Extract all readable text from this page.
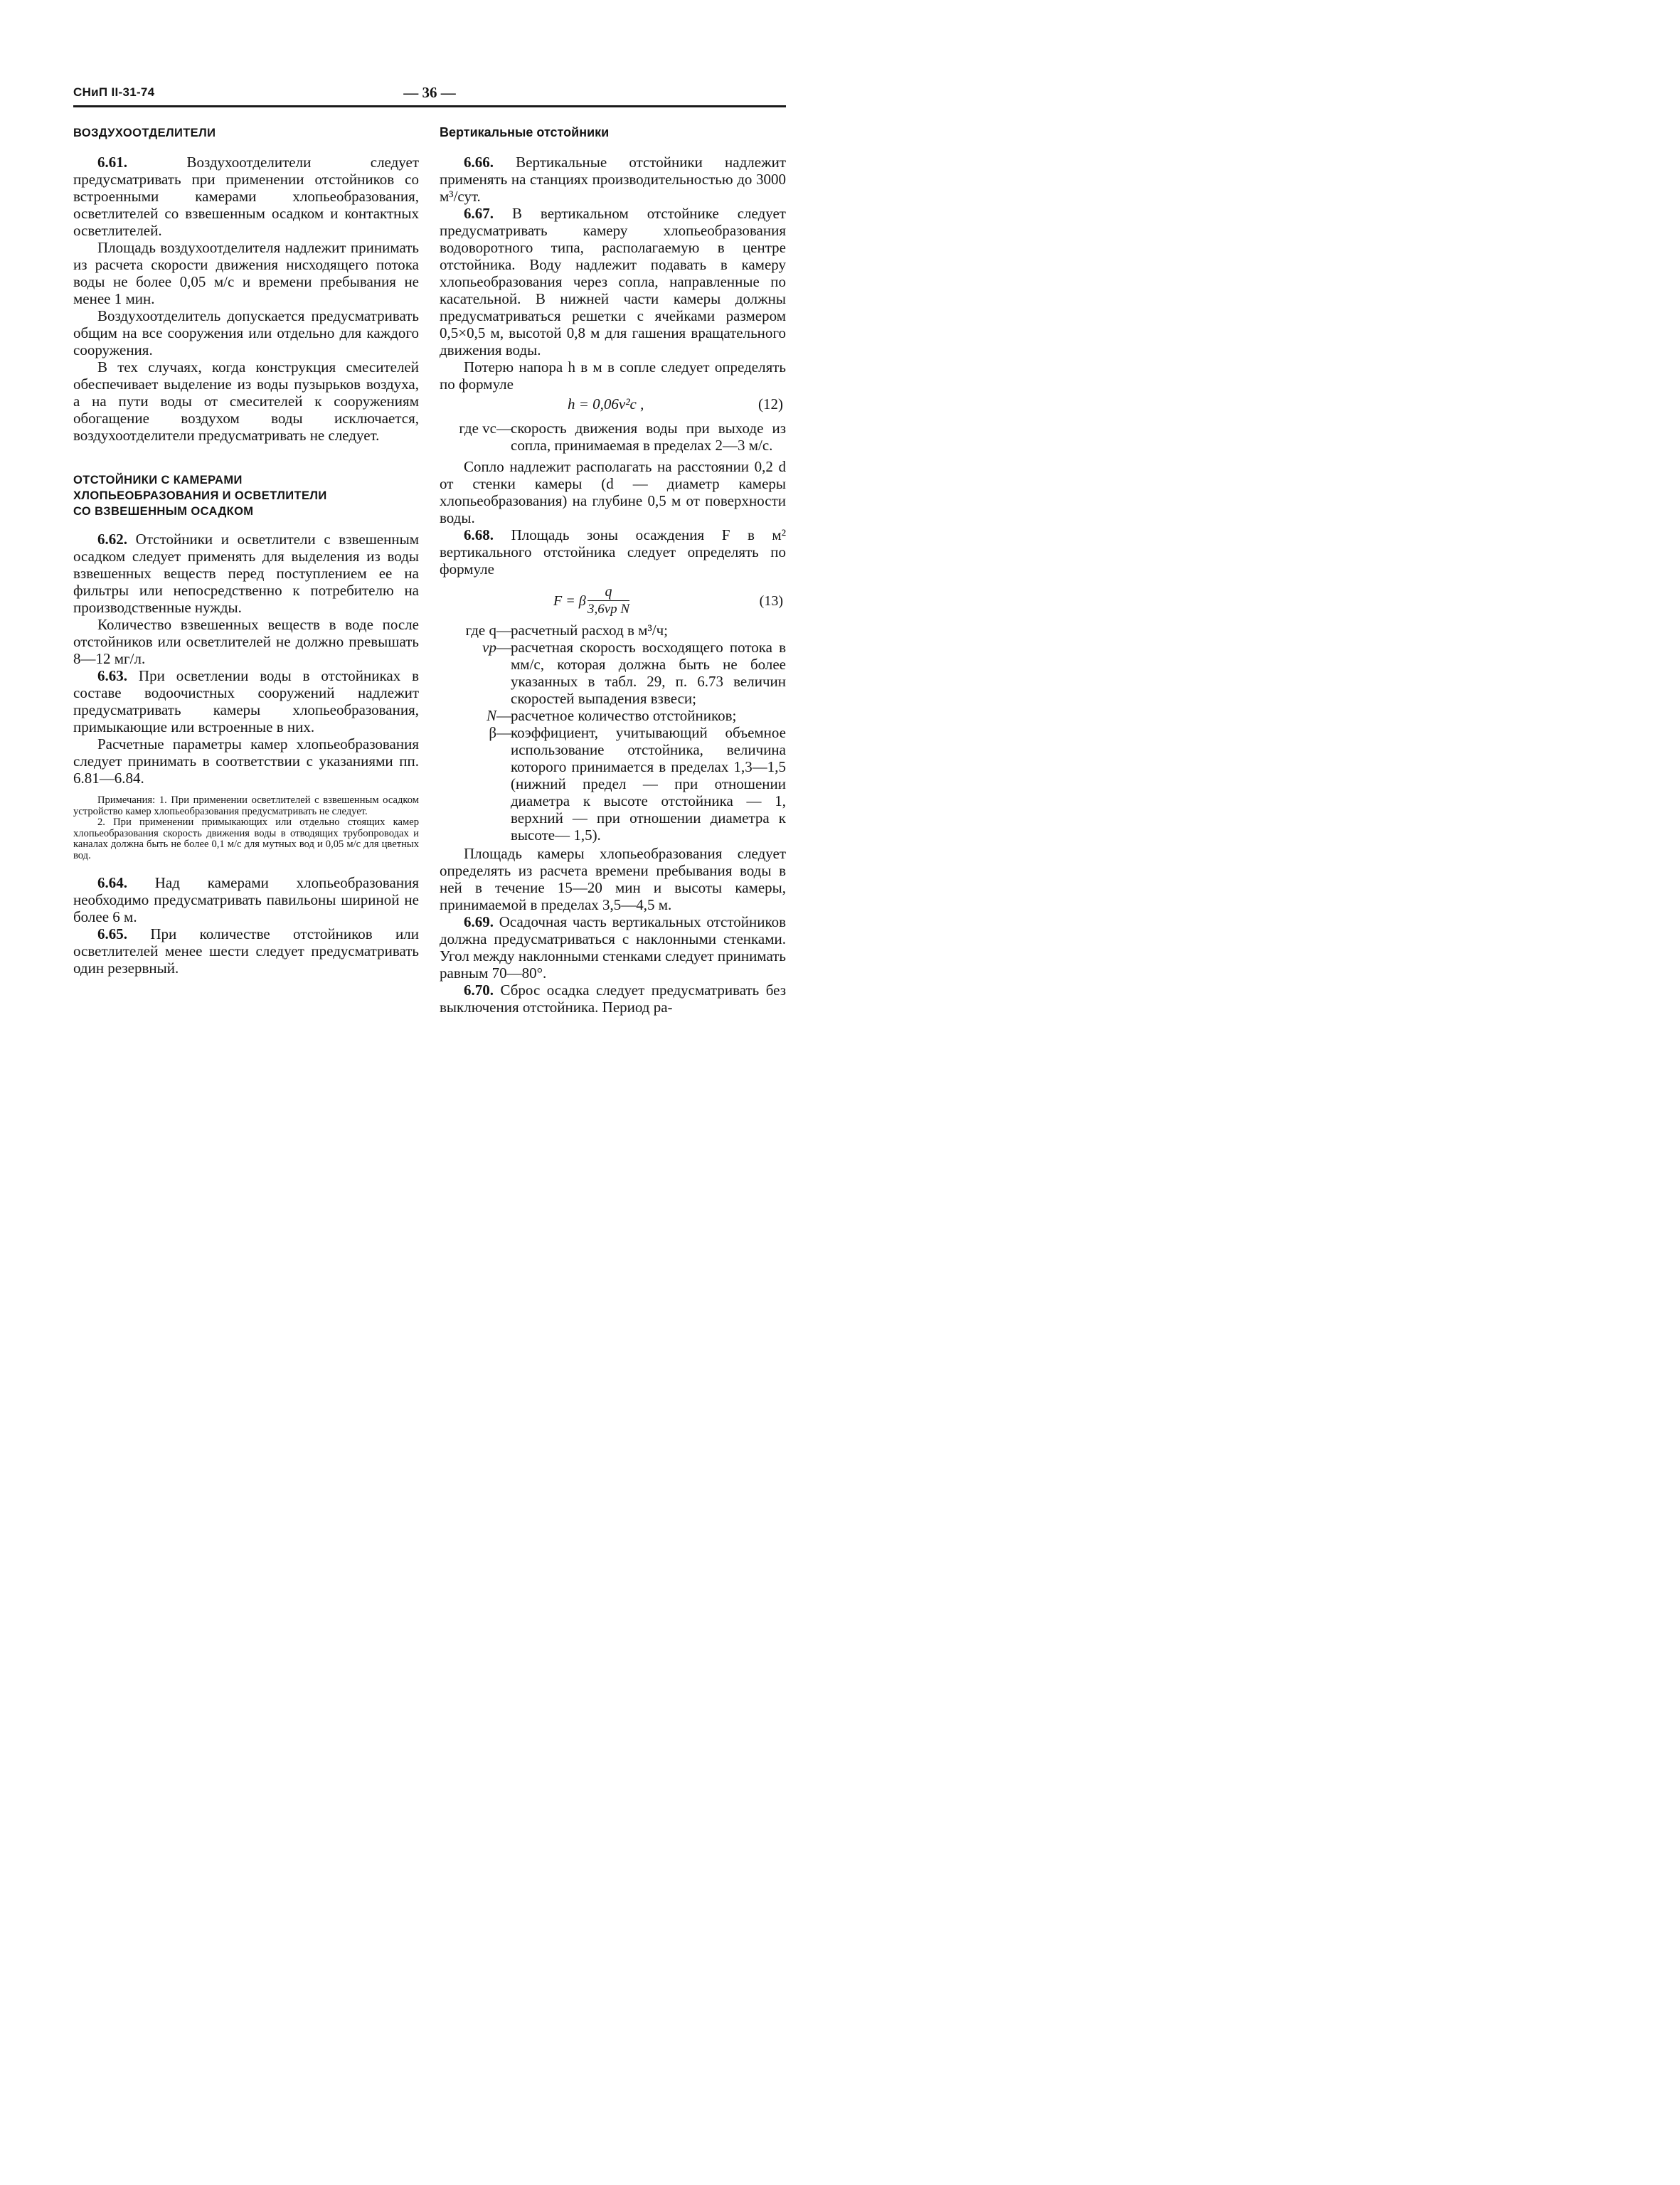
СНиП II-31-74	— 36 —
ВОЗДУХООТДЕЛИТЕЛИ

6.61.	Воздухоотделители следует предусматривать при применении отстойников со встроенными камерами хлопьеобразования, осветлителей со взвешенным осадком и контактных осветлителей.

Площадь воздухоотделителя надлежит принимать из расчета скорости движения нисходящего потока воды не более 0,05 м/с и времени пребывания не менее 1 мин.

Воздухоотделитель допускается предусматривать общим на все сооружения или отдельно для каждого сооружения.

В тех случаях, когда конструкция смесителей обеспечивает выделение из воды пузырьков воздуха, а на пути воды от смесителей к сооружениям обогащение воздухом воды исключается, воздухоотделители предусматривать не следует.

ОТСТОЙНИКИ С КАМЕРАМИ
ХЛОПЬЕОБРАЗОВАНИЯ И ОСВЕТЛИТЕЛИ
СО ВЗВЕШЕННЫМ ОСАДКОМ

6.62. Отстойники и осветлители с взвешенным осадком следует применять для выделения из воды взвешенных веществ перед поступлением ее на фильтры или непосредственно к потребителю на производственные нужды.

Количество взвешенных веществ в воде после отстойников или осветлителей не должно превышать 8—12 мг/л.

6.63. При осветлении воды в отстойниках в составе водоочистных сооружений надлежит предусматривать камеры хлопьеобразования, примыкающие или встроенные в них.

Расчетные параметры камер хлопьеобразования следует принимать в соответствии с указаниями пп. 6.81—6.84.

Примечания: 1. При применении осветлителей с взвешенным осадком устройство камер хлопьеобразования предусматривать не следует.

2. При применении примыкающих или отдельно стоящих камер хлопьеобразования скорость движения воды в отводящих трубопроводах и каналах должна быть не более 0,1 м/с для мутных вод и 0,05 м/с для цветных вод.

6.64. Над камерами хлопьеобразования необходимо предусматривать павильоны шириной не более 6 м.

6.65. При количестве отстойников или осветлителей менее шести следует предусматривать один резервный.

Вертикальные отстойники

6.66. Вертикальные отстойники надлежит применять на станциях производительностью до 3000 м³/сут.

6.67. В вертикальном отстойнике следует предусматривать камеру хлопьеобразования водоворотного типа, располагаемую в центре отстойника. Воду надлежит подавать в камеру хлопьеобразования через сопла, направленные по касательной. В нижней части камеры должны предусматриваться решетки с ячейками размером 0,5×0,5 м, высотой 0,8 м для гашения вращательного движения воды.

Потерю напора h в м в сопле следует определять по формуле

h = 0,06v²с ,	(12)
где vс — скорость движения воды при выходе из сопла, принимаемая в пределах 2—3 м/с.

Сопло надлежит располагать на расстоянии 0,2 d от стенки камеры (d — диаметр камеры хлопьеобразования) на глубине 0,5 м от поверхности воды.

6.68. Площадь зоны осаждения F в м² вертикального отстойника следует определять по формуле

F = β
q
3,6vр N
(13)
где q — расчетный расход в м³/ч;
vр — расчетная скорость восходящего потока в мм/с, которая должна быть не более указанных в табл. 29, п. 6.73 величин скоростей выпадения взвеси;
N — расчетное количество отстойников;
β — коэффициент, учитывающий объемное использование отстойника, величина которого принимается в пределах 1,3—1,5 (нижний предел — при отношении диаметра к высоте отстойника — 1, верхний — при отношении диаметра к высоте— 1,5).

Площадь камеры хлопьеобразования следует определять из расчета времени пребывания воды в ней в течение 15—20 мин и высоты камеры, принимаемой в пределах 3,5—4,5 м.

6.69. Осадочная часть вертикальных отстойников должна предусматриваться с наклонными стенками. Угол между наклонными стенками следует принимать равным 70—80°.

6.70. Сброс осадка следует предусматривать без выключения отстойника. Период ра-
